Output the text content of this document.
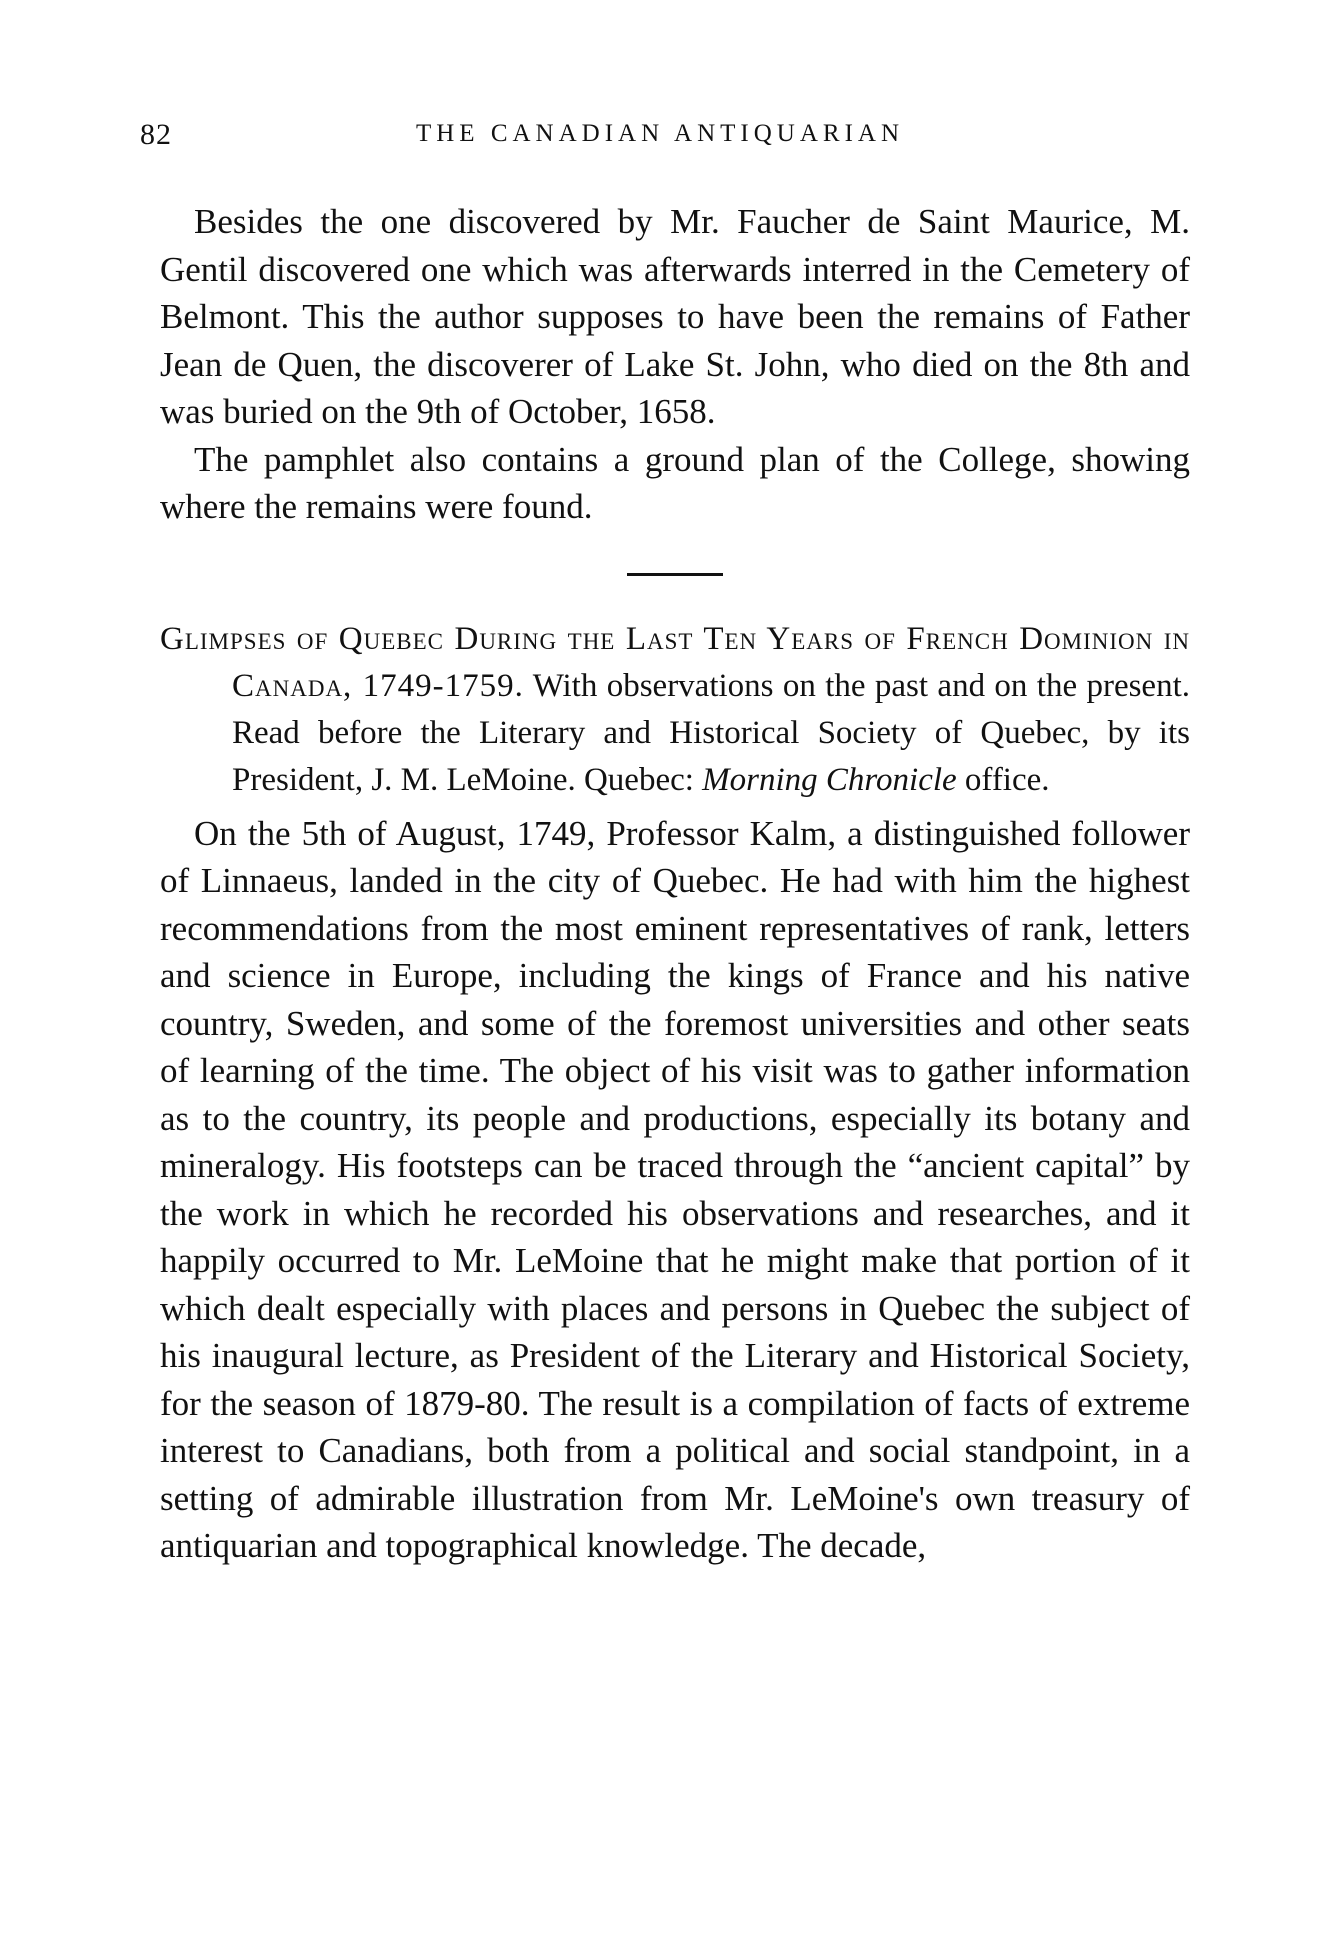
82	THE CANADIAN ANTIQUARIAN

Besides the one discovered by Mr. Faucher de Saint Maurice, M. Gentil discovered one which was afterwards interred in the Cemetery of Belmont. This the author supposes to have been the remains of Father Jean de Quen, the discoverer of Lake St. John, who died on the 8th and was buried on the 9th of October, 1658.

The pamphlet also contains a ground plan of the College, showing where the remains were found.

Glimpses of Quebec During the Last Ten Years of French Dominion in Canada, 1749-1759. With observations on the past and on the present. Read before the Literary and Historical Society of Quebec, by its President, J. M. LeMoine. Quebec: Morning Chronicle office.

On the 5th of August, 1749, Professor Kalm, a distinguished follower of Linnaeus, landed in the city of Quebec. He had with him the highest recommendations from the most eminent representatives of rank, letters and science in Europe, including the kings of France and his native country, Sweden, and some of the foremost universities and other seats of learning of the time. The object of his visit was to gather information as to the country, its people and productions, especially its botany and mineralogy. His footsteps can be traced through the “ancient capital” by the work in which he recorded his observations and researches, and it happily occurred to Mr. LeMoine that he might make that portion of it which dealt especially with places and persons in Quebec the subject of his inaugural lecture, as President of the Literary and Historical Society, for the season of 1879-80. The result is a compilation of facts of extreme interest to Canadians, both from a political and social standpoint, in a setting of admirable illustration from Mr. LeMoine's own treasury of antiquarian and topographical knowledge. The decade,
